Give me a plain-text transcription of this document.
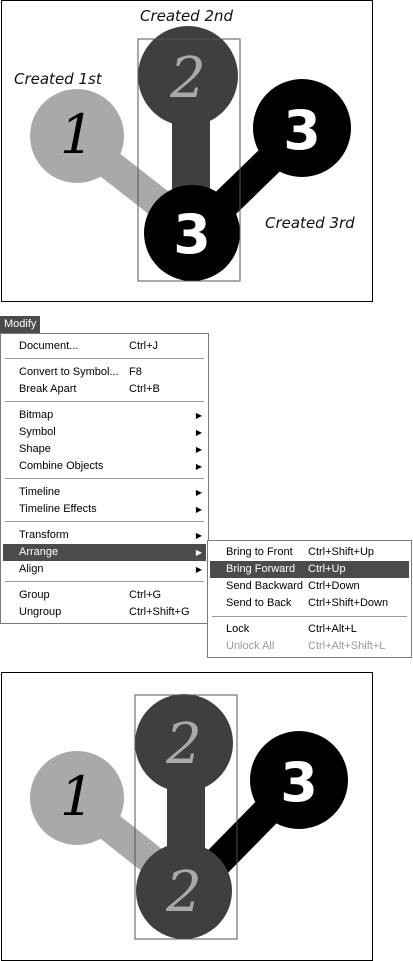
1
2
3
3
Created 2nd
Created 1st
Created 3rd
Modify
Document...	Ctrl+J
Convert to Symbol... F8
Break Apart	Ctrl+B
Bitmap	▶
Symbol	▶
Shape	▶
Combine Objects	▶
Timeline	▶
Timeline Effects	▶
Transform	▶
Arrange	▶
Align	▶
Group	Ctrl+G
Ungroup	Ctrl+Shift+G
Bring to Front Ctrl+Shift+Up
Bring Forward Ctrl+Up
Send Backward Ctrl+Down
Send to Back Ctrl+Shift+Down
Lock	Ctrl+Alt+L
Unlock All	Ctrl+Alt+Shift+L
1	3
2
2
